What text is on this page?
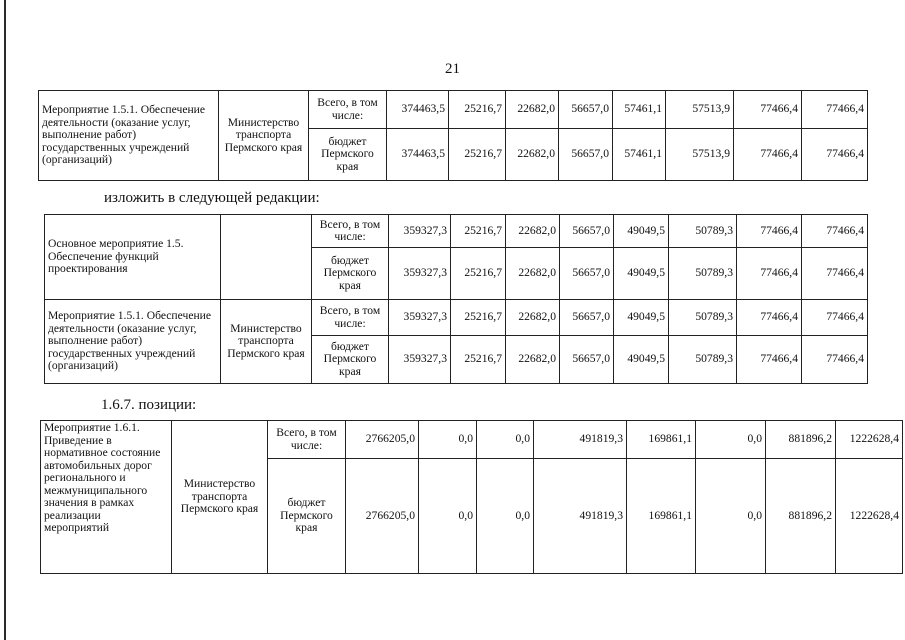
21
Мероприятие 1.5.1. Обеспечение деятельности (оказание услуг, выполнение работ) государственных учреждений (организаций)	Министерство транспорта Пермского края	Всего, в том числе:	374463,5	25216,7	22682,0	56657,0	57461,1	57513,9	77466,4	77466,4
		бюджет Пермского края	374463,5	25216,7	22682,0	56657,0	57461,1	57513,9	77466,4	77466,4
изложить в следующей редакции:
Основное мероприятие 1.5. Обеспечение функций проектирования		Всего, в том числе:	359327,3	25216,7	22682,0	56657,0	49049,5	50789,3	77466,4	77466,4
		бюджет Пермского края	359327,3	25216,7	22682,0	56657,0	49049,5	50789,3	77466,4	77466,4
Мероприятие 1.5.1. Обеспечение деятельности (оказание услуг, выполнение работ) государственных учреждений (организаций)	Министерство транспорта Пермского края	Всего, в том числе:	359327,3	25216,7	22682,0	56657,0	49049,5	50789,3	77466,4	77466,4
		бюджет Пермского края	359327,3	25216,7	22682,0	56657,0	49049,5	50789,3	77466,4	77466,4
1.6.7. позиции:
Мероприятие 1.6.1. Приведение в нормативное состояние автомобильных дорог регионального и межмуниципального значения в рамках реализации мероприятий	Министерство транспорта Пермского края	Всего, в том числе:	2766205,0	0,0	0,0	491819,3	169861,1	0,0	881896,2	1222628,4
		бюджет Пермского края	2766205,0	0,0	0,0	491819,3	169861,1	0,0	881896,2	1222628,4
